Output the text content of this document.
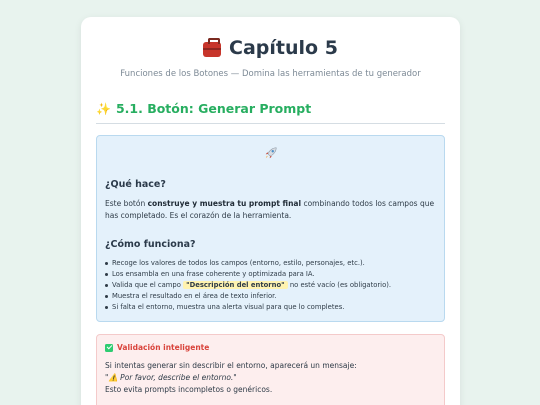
Capítulo 5
Funciones de los Botones — Domina las herramientas de tu generador
✨ 5.1. Botón: Generar Prompt
¿Qué hace?
Este botón construye y muestra tu prompt final combinando todos los campos que has completado. Es el corazón de la herramienta.
¿Cómo funciona?
Recoge los valores de todos los campos (entorno, estilo, personajes, etc.).
Los ensambla en una frase coherente y optimizada para IA.
Valida que el campo "Descripción del entorno" no esté vacío (es obligatorio).
Muestra el resultado en el área de texto inferior.
Si falta el entorno, muestra una alerta visual para que lo completes.
Validación inteligente
Si intentas generar sin describir el entorno, aparecerá un mensaje:
"⚠️ Por favor, describe el entorno."
Esto evita prompts incompletos o genéricos.
